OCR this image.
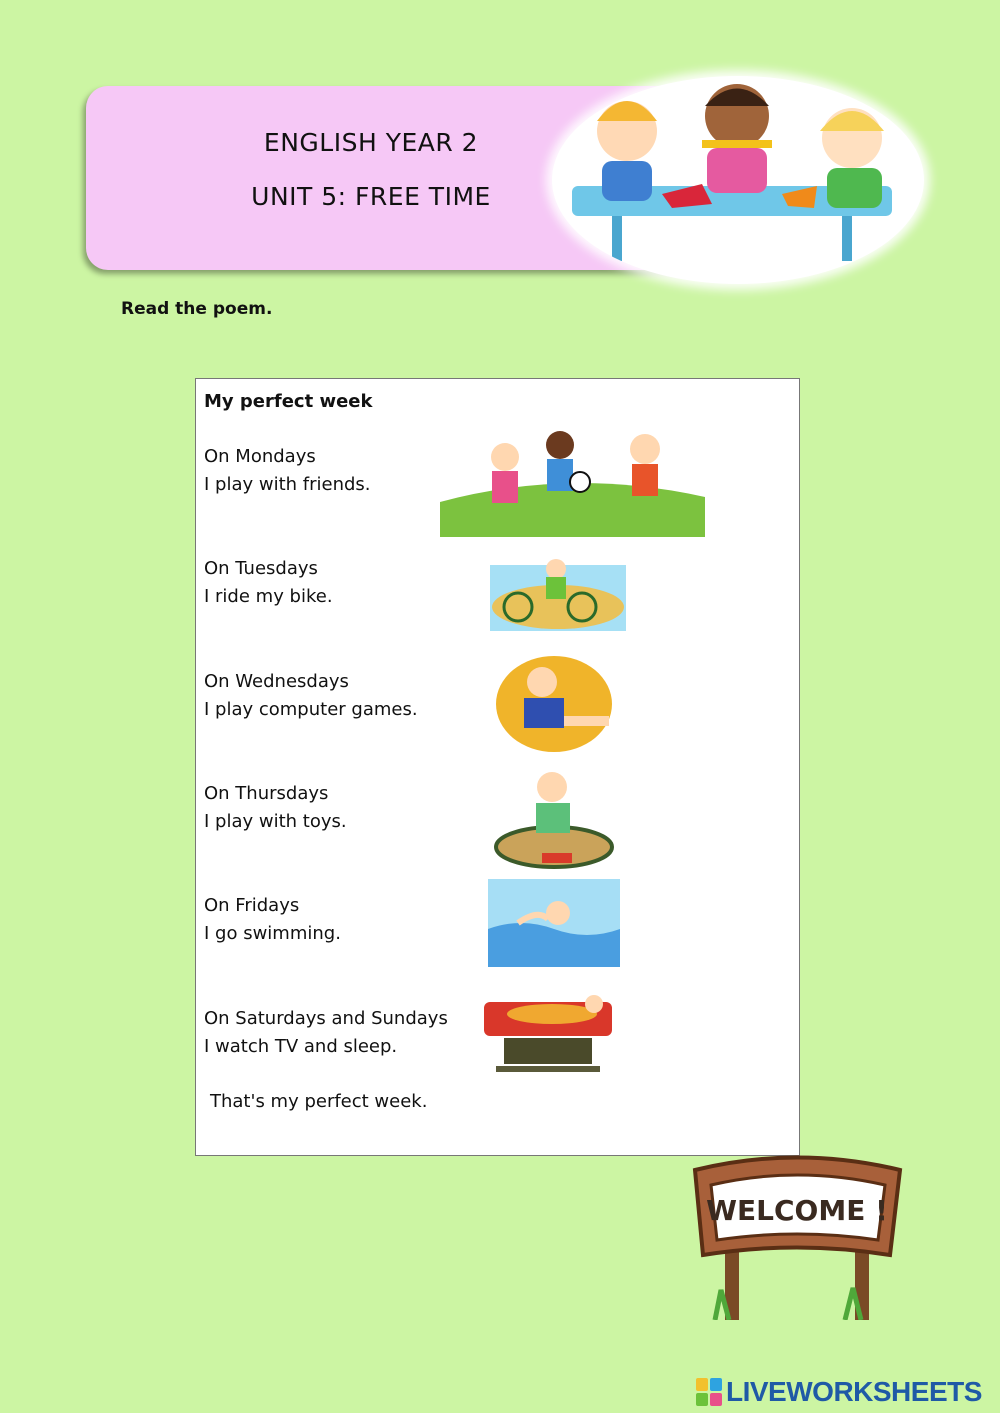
ENGLISH YEAR 2
UNIT 5: FREE TIME
Read the poem.
My perfect week
On Mondays
I play with friends.
On Tuesdays
I ride my bike.
On Wednesdays
I play computer games.
On Thursdays
I play with toys.
On Fridays
I go swimming.
On Saturdays and Sundays
I watch TV and sleep.
That's my perfect week.
WELCOME !
LIVEWORKSHEETS
